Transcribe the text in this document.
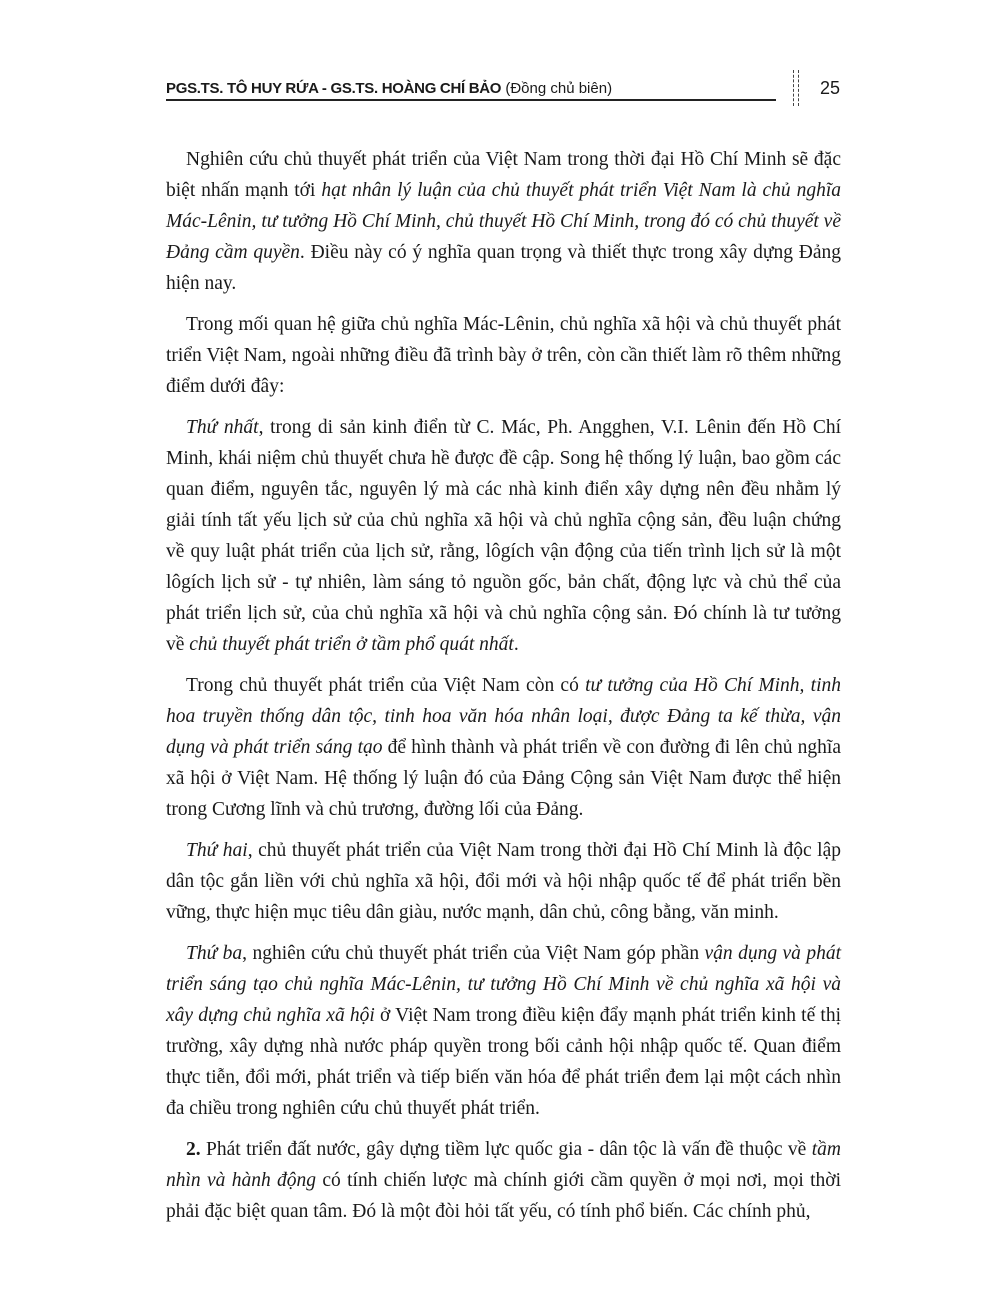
PGS.TS. TÔ HUY RỨA - GS.TS. HOÀNG CHÍ BẢO (Đồng chủ biên)	25

Nghiên cứu chủ thuyết phát triển của Việt Nam trong thời đại Hồ Chí Minh sẽ đặc biệt nhấn mạnh tới hạt nhân lý luận của chủ thuyết phát triển Việt Nam là chủ nghĩa Mác-Lênin, tư tưởng Hồ Chí Minh, chủ thuyết Hồ Chí Minh, trong đó có chủ thuyết về Đảng cầm quyền. Điều này có ý nghĩa quan trọng và thiết thực trong xây dựng Đảng hiện nay.

Trong mối quan hệ giữa chủ nghĩa Mác-Lênin, chủ nghĩa xã hội và chủ thuyết phát triển Việt Nam, ngoài những điều đã trình bày ở trên, còn cần thiết làm rõ thêm những điểm dưới đây:

Thứ nhất, trong di sản kinh điển từ C. Mác, Ph. Angghen, V.I. Lênin đến Hồ Chí Minh, khái niệm chủ thuyết chưa hề được đề cập. Song hệ thống lý luận, bao gồm các quan điểm, nguyên tắc, nguyên lý mà các nhà kinh điển xây dựng nên đều nhằm lý giải tính tất yếu lịch sử của chủ nghĩa xã hội và chủ nghĩa cộng sản, đều luận chứng về quy luật phát triển của lịch sử, rằng, lôgích vận động của tiến trình lịch sử là một lôgích lịch sử - tự nhiên, làm sáng tỏ nguồn gốc, bản chất, động lực và chủ thể của phát triển lịch sử, của chủ nghĩa xã hội và chủ nghĩa cộng sản. Đó chính là tư tưởng về chủ thuyết phát triển ở tầm phổ quát nhất.

Trong chủ thuyết phát triển của Việt Nam còn có tư tưởng của Hồ Chí Minh, tinh hoa truyền thống dân tộc, tinh hoa văn hóa nhân loại, được Đảng ta kế thừa, vận dụng và phát triển sáng tạo để hình thành và phát triển về con đường đi lên chủ nghĩa xã hội ở Việt Nam. Hệ thống lý luận đó của Đảng Cộng sản Việt Nam được thể hiện trong Cương lĩnh và chủ trương, đường lối của Đảng.

Thứ hai, chủ thuyết phát triển của Việt Nam trong thời đại Hồ Chí Minh là độc lập dân tộc gắn liền với chủ nghĩa xã hội, đổi mới và hội nhập quốc tế để phát triển bền vững, thực hiện mục tiêu dân giàu, nước mạnh, dân chủ, công bằng, văn minh.

Thứ ba, nghiên cứu chủ thuyết phát triển của Việt Nam góp phần vận dụng và phát triển sáng tạo chủ nghĩa Mác-Lênin, tư tưởng Hồ Chí Minh về chủ nghĩa xã hội và xây dựng chủ nghĩa xã hội ở Việt Nam trong điều kiện đẩy mạnh phát triển kinh tế thị trường, xây dựng nhà nước pháp quyền trong bối cảnh hội nhập quốc tế. Quan điểm thực tiễn, đổi mới, phát triển và tiếp biến văn hóa để phát triển đem lại một cách nhìn đa chiều trong nghiên cứu chủ thuyết phát triển.

2. Phát triển đất nước, gây dựng tiềm lực quốc gia - dân tộc là vấn đề thuộc về tầm nhìn và hành động có tính chiến lược mà chính giới cầm quyền ở mọi nơi, mọi thời phải đặc biệt quan tâm. Đó là một đòi hỏi tất yếu, có tính phổ biến. Các chính phủ,
